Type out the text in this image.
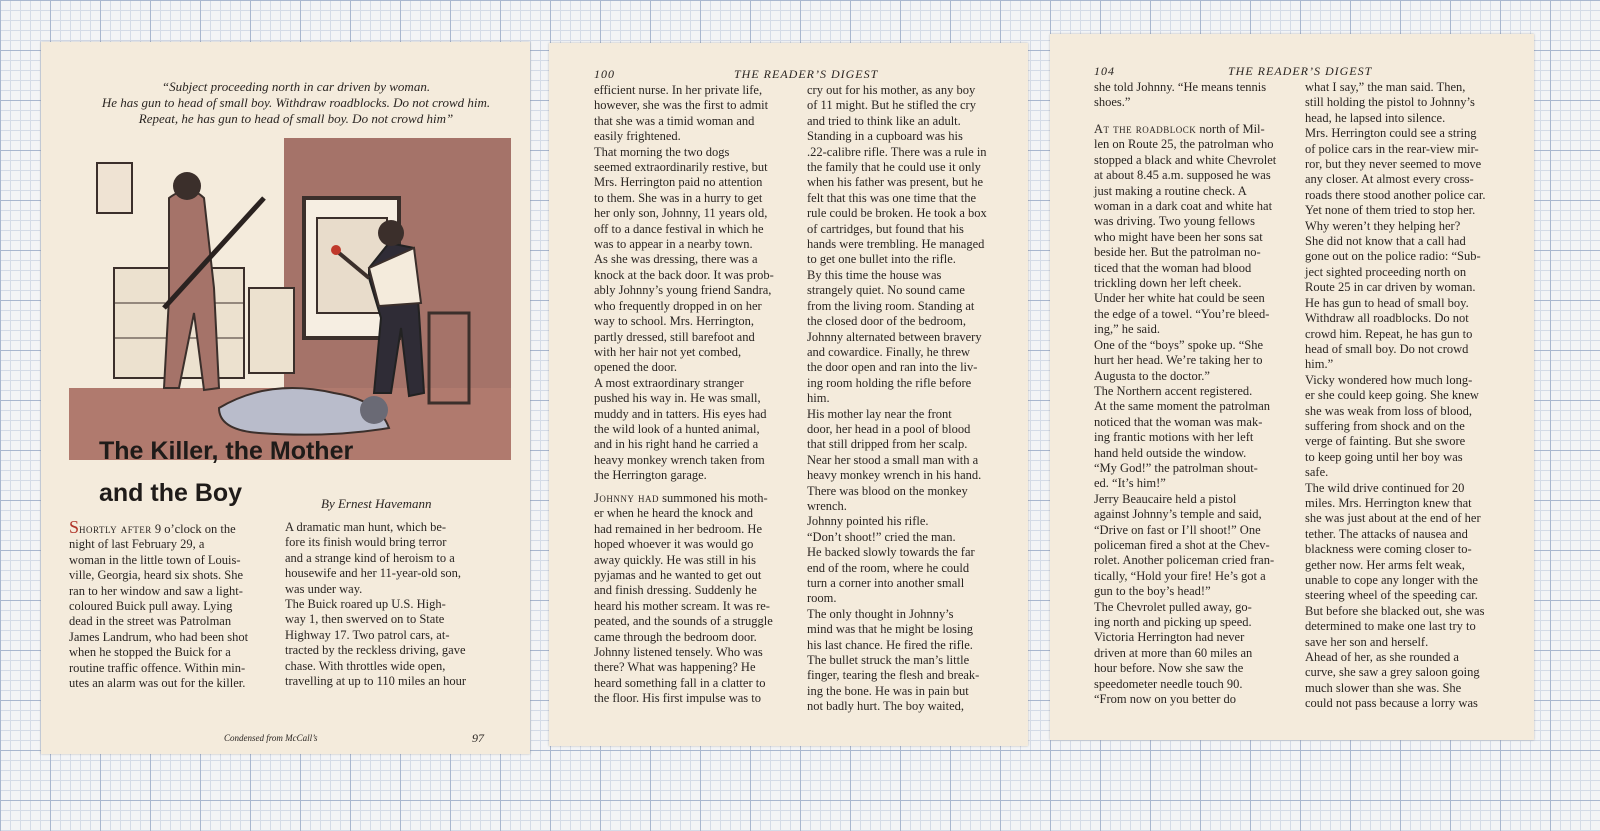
“Subject proceeding north in car driven by woman.
He has gun to head of small boy. Withdraw roadblocks. Do not crowd him.
Repeat, he has gun to head of small boy. Do not crowd him”
The Killer, the Mother
and the Boy	By Ernest Havemann
Shortly after 9 o’clock on the
night of last February 29, a
woman in the little town of Louis-
ville, Georgia, heard six shots. She
ran to her window and saw a light-
coloured Buick pull away. Lying
dead in the street was Patrolman
James Landrum, who had been shot
when he stopped the Buick for a
routine traffic offence. Within min-
utes an alarm was out for the killer.
A dramatic man hunt, which be-
fore its finish would bring terror
and a strange kind of heroism to a
housewife and her 11-year-old son,
was under way.
The Buick roared up U.S. High-
way 1, then swerved on to State
Highway 17. Two patrol cars, at-
tracted by the reckless driving, gave
chase. With throttles wide open,
travelling at up to 110 miles an hour
Condensed from McCall’s	97
100	THE READER’S DIGEST
efficient nurse. In her private life,
however, she was the first to admit
that she was a timid woman and
easily frightened.
That morning the two dogs
seemed extraordinarily restive, but
Mrs. Herrington paid no attention
to them. She was in a hurry to get
her only son, Johnny, 11 years old,
off to a dance festival in which he
was to appear in a nearby town.
As she was dressing, there was a
knock at the back door. It was prob-
ably Johnny’s young friend Sandra,
who frequently dropped in on her
way to school. Mrs. Herrington,
partly dressed, still barefoot and
with her hair not yet combed,
opened the door.
A most extraordinary stranger
pushed his way in. He was small,
muddy and in tatters. His eyes had
the wild look of a hunted animal,
and in his right hand he carried a
heavy monkey wrench taken from
the Herrington garage.
Johnny had summoned his moth-
er when he heard the knock and
had remained in her bedroom. He
hoped whoever it was would go
away quickly. He was still in his
pyjamas and he wanted to get out
and finish dressing. Suddenly he
heard his mother scream. It was re-
peated, and the sounds of a struggle
came through the bedroom door.
Johnny listened tensely. Who was
there? What was happening? He
heard something fall in a clatter to
the floor. His first impulse was to
cry out for his mother, as any boy
of 11 might. But he stifled the cry
and tried to think like an adult.
Standing in a cupboard was his
.22-calibre rifle. There was a rule in
the family that he could use it only
when his father was present, but he
felt that this was one time that the
rule could be broken. He took a box
of cartridges, but found that his
hands were trembling. He managed
to get one bullet into the rifle.
By this time the house was
strangely quiet. No sound came
from the living room. Standing at
the closed door of the bedroom,
Johnny alternated between bravery
and cowardice. Finally, he threw
the door open and ran into the liv-
ing room holding the rifle before
him.
His mother lay near the front
door, her head in a pool of blood
that still dripped from her scalp.
Near her stood a small man with a
heavy monkey wrench in his hand.
There was blood on the monkey
wrench.
Johnny pointed his rifle.
“Don’t shoot!” cried the man.
He backed slowly towards the far
end of the room, where he could
turn a corner into another small
room.
The only thought in Johnny’s
mind was that he might be losing
his last chance. He fired the rifle.
The bullet struck the man’s little
finger, tearing the flesh and break-
ing the bone. He was in pain but
not badly hurt. The boy waited,
104	THE READER’S DIGEST
she told Johnny. “He means tennis
shoes.”
At the roadblock north of Mil-
len on Route 25, the patrolman who
stopped a black and white Chevrolet
at about 8.45 a.m. supposed he was
just making a routine check. A
woman in a dark coat and white hat
was driving. Two young fellows
who might have been her sons sat
beside her. But the patrolman no-
ticed that the woman had blood
trickling down her left cheek.
Under her white hat could be seen
the edge of a towel. “You’re bleed-
ing,” he said.
One of the “boys” spoke up. “She
hurt her head. We’re taking her to
Augusta to the doctor.”
The Northern accent registered.
At the same moment the patrolman
noticed that the woman was mak-
ing frantic motions with her left
hand held outside the window.
“My God!” the patrolman shout-
ed. “It’s him!”
Jerry Beaucaire held a pistol
against Johnny’s temple and said,
“Drive on fast or I’ll shoot!” One
policeman fired a shot at the Chev-
rolet. Another policeman cried fran-
tically, “Hold your fire! He’s got a
gun to the boy’s head!”
The Chevrolet pulled away, go-
ing north and picking up speed.
Victoria Herrington had never
driven at more than 60 miles an
hour before. Now she saw the
speedometer needle touch 90.
“From now on you better do
what I say,” the man said. Then,
still holding the pistol to Johnny’s
head, he lapsed into silence.
Mrs. Herrington could see a string
of police cars in the rear-view mir-
ror, but they never seemed to move
any closer. At almost every cross-
roads there stood another police car.
Yet none of them tried to stop her.
Why weren’t they helping her?
She did not know that a call had
gone out on the police radio: “Sub-
ject sighted proceeding north on
Route 25 in car driven by woman.
He has gun to head of small boy.
Withdraw all roadblocks. Do not
crowd him. Repeat, he has gun to
head of small boy. Do not crowd
him.”
Vicky wondered how much long-
er she could keep going. She knew
she was weak from loss of blood,
suffering from shock and on the
verge of fainting. But she swore
to keep going until her boy was
safe.
The wild drive continued for 20
miles. Mrs. Herrington knew that
she was just about at the end of her
tether. The attacks of nausea and
blackness were coming closer to-
gether now. Her arms felt weak,
unable to cope any longer with the
steering wheel of the speeding car.
But before she blacked out, she was
determined to make one last try to
save her son and herself.
Ahead of her, as she rounded a
curve, she saw a grey saloon going
much slower than she was. She
could not pass because a lorry was
